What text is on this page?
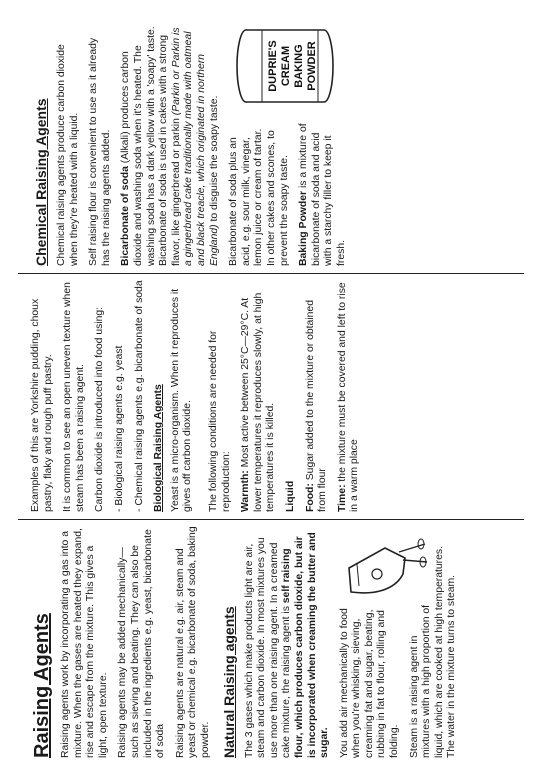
Raising Agents Raising agents work by incorporating a gas into a mixture. When the gases are heated they expand, rise and escape from the mixture. This gives a light, open texture. Raising agents may be added mechanically—such as sieving and beating. They can also be included in the ingredients e.g. yeast, bicarbonate of soda Raising agents are natural e.g. air, steam and yeast or chemical e.g. bicarbonate of soda, baking powder. Natural Raising agents The 3 gases which make products light are air, steam and carbon dioxide. In most mixtures you use more than one raising agent. In a creamed cake mixture, the raising agent is self raising flour, which produces carbon dioxide, but air is incorporated when creaming the butter and sugar. You add air mechanically to food when you're whisking, sieving, creaming fat and sugar, beating, rubbing in fat to flour, rolling and folding. Steam is a raising agent in mixtures with a high proportion of liquid, which are cooked at high temperatures. The water in the mixture turns to steam.

Examples of this are Yorkshire pudding, choux pastry, flaky and rough puff pastry. It is common to see an open uneven texture when steam has been a raising agent. Carbon dioxide is introduced into food using: - Biological raising agents e.g. yeast - Chemical raising agents e.g. bicarbonate of soda Biological Raising Agents Yeast is a micro-organism. When it reproduces it gives off carbon dioxide. The following conditions are needed for reproduction: Warmth: Most active between 25°C—29°C. At lower temperatures it reproduces slowly, at high temperatures it is killed. Liquid Food: Sugar added to the mixture or obtained from flour Time: the mixture must be covered and left to rise in a warm place

Chemical Raising Agents Chemical raising agents produce carbon dioxide when they're heated with a liquid. Self raising flour is convenient to use as it already has the raising agents added. Bicarbonate of soda (Alkali) produces carbon dioxide and washing soda when it's heated. The washing soda has a dark yellow with a 'soapy' taste. Bicarbonate of soda is used in cakes with a strong flavor, like gingerbread or parkin (Parkin or Parkin is a gingerbread cake traditionally made with oatmeal and black treacle, which originated in northern England) to disguise the soapy taste.

DUPRIE'S CREAM BAKING POWDER

Bicarbonate of soda plus an acid, e.g. sour milk, vinegar, lemon juice or cream of tartar. In other cakes and scones, to prevent the soapy taste. Baking Powder is a mixture of bicarbonate of soda and acid with a starchy filler to keep it fresh.
